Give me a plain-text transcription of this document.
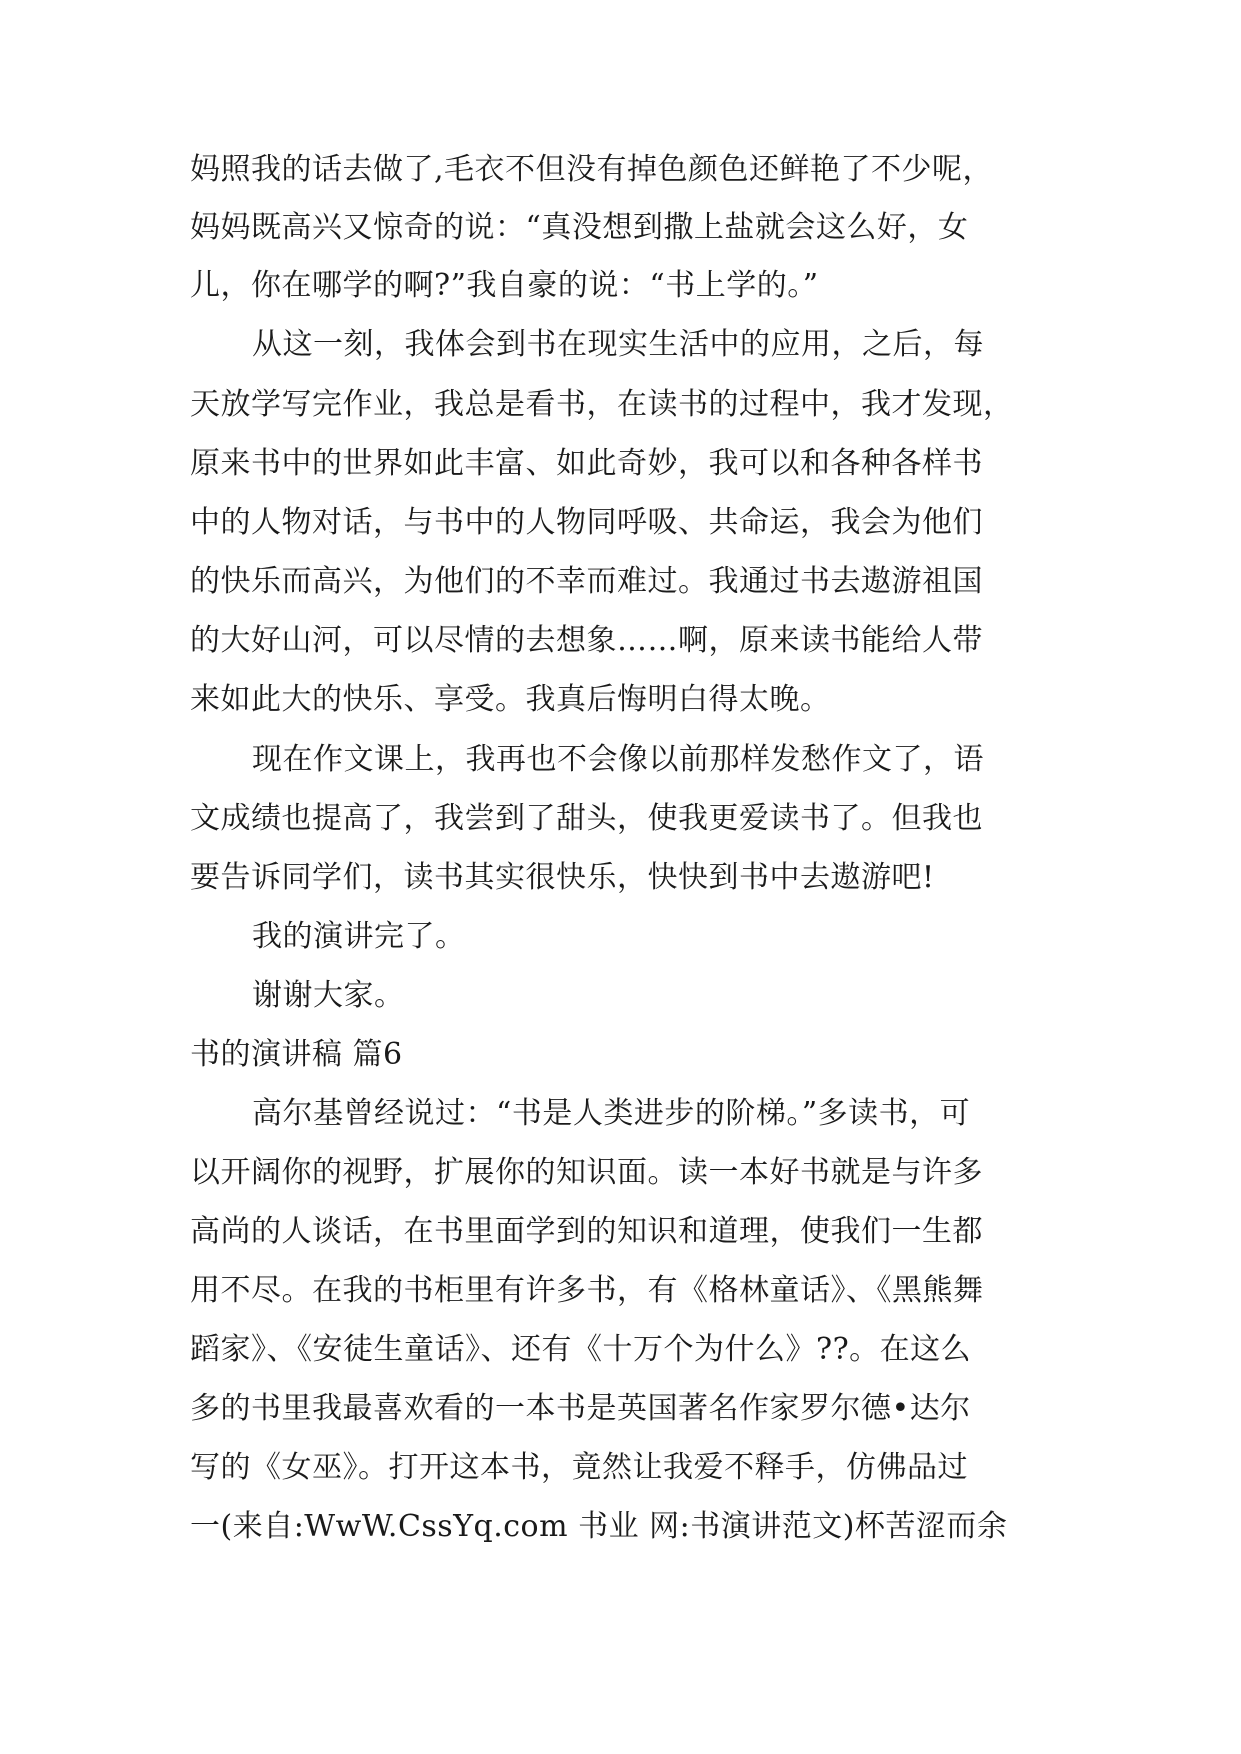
妈照我的话去做了,毛衣不但没有掉色颜色还鲜艳了不少呢，
妈妈既高兴又惊奇的说：“真没想到撒上盐就会这么好，女
儿，你在哪学的啊?”我自豪的说：“书上学的。”
从这一刻，我体会到书在现实生活中的应用，之后，每
天放学写完作业，我总是看书，在读书的过程中，我才发现，
原来书中的世界如此丰富、如此奇妙，我可以和各种各样书
中的人物对话，与书中的人物同呼吸、共命运，我会为他们
的快乐而高兴，为他们的不幸而难过。我通过书去遨游祖国
的大好山河，可以尽情的去想象……啊，原来读书能给人带
来如此大的快乐、享受。我真后悔明白得太晚。
现在作文课上，我再也不会像以前那样发愁作文了，语
文成绩也提高了，我尝到了甜头，使我更爱读书了。但我也
要告诉同学们，读书其实很快乐，快快到书中去遨游吧!
我的演讲完了。
谢谢大家。
书的演讲稿 篇6
高尔基曾经说过：“书是人类进步的阶梯。”多读书，可
以开阔你的视野，扩展你的知识面。读一本好书就是与许多
高尚的人谈话，在书里面学到的知识和道理，使我们一生都
用不尽。在我的书柜里有许多书，有《格林童话》、《黑熊舞
蹈家》、《安徒生童话》、还有《十万个为什么》??。在这么
多的书里我最喜欢看的一本书是英国著名作家罗尔德•达尔
写的《女巫》。打开这本书，竟然让我爱不释手，仿佛品过
一(来自:WwW.CssYq.com 书业 网:书演讲范文)杯苦涩而余
